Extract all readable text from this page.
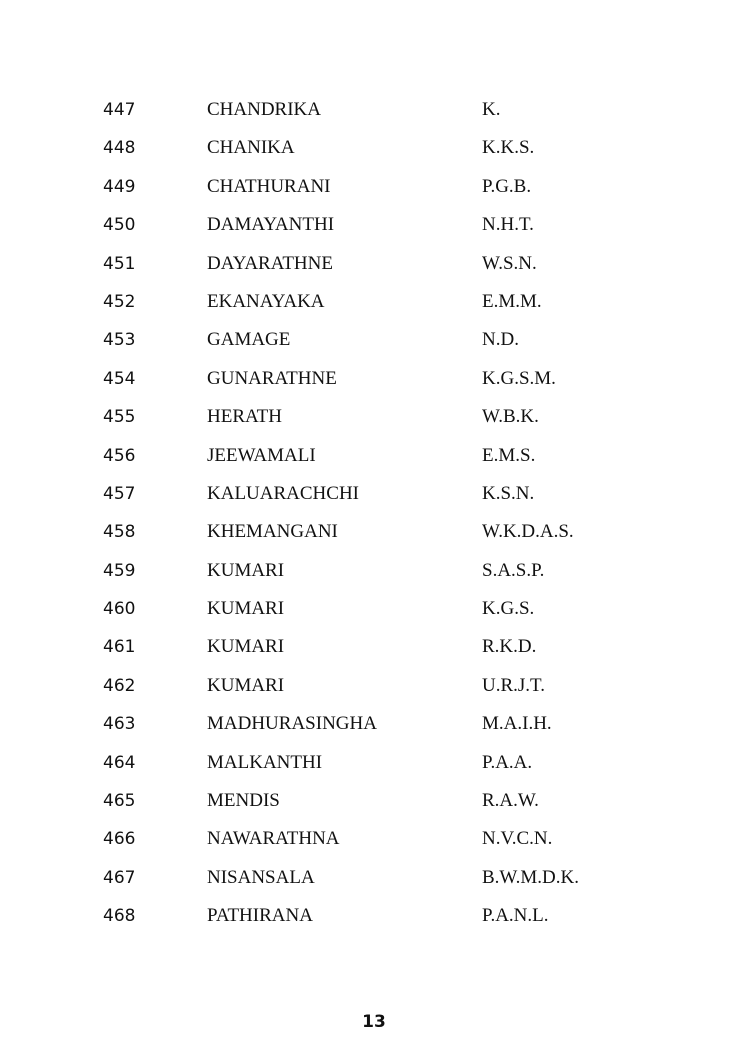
447	CHANDRIKA	K.
448	CHANIKA	K.K.S.
449	CHATHURANI	P.G.B.
450	DAMAYANTHI	N.H.T.
451	DAYARATHNE	W.S.N.
452	EKANAYAKA	E.M.M.
453	GAMAGE	N.D.
454	GUNARATHNE	K.G.S.M.
455	HERATH	W.B.K.
456	JEEWAMALI	E.M.S.
457	KALUARACHCHI	K.S.N.
458	KHEMANGANI	W.K.D.A.S.
459	KUMARI	S.A.S.P.
460	KUMARI	K.G.S.
461	KUMARI	R.K.D.
462	KUMARI	U.R.J.T.
463	MADHURASINGHA	M.A.I.H.
464	MALKANTHI	P.A.A.
465	MENDIS	R.A.W.
466	NAWARATHNA	N.V.C.N.
467	NISANSALA	B.W.M.D.K.
468	PATHIRANA	P.A.N.L.
13
